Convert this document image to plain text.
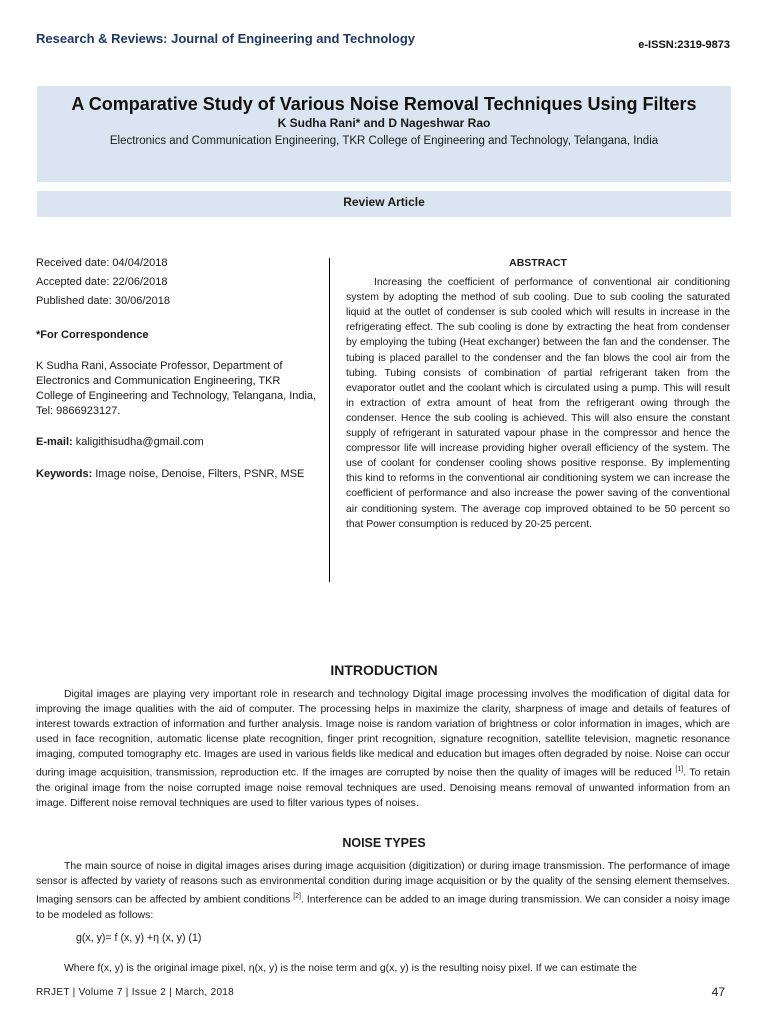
Research & Reviews: Journal of Engineering and Technology	e-ISSN:2319-9873
A Comparative Study of Various Noise Removal Techniques Using Filters
K Sudha Rani* and D Nageshwar Rao
Electronics and Communication Engineering, TKR College of Engineering and Technology, Telangana, India
Review Article

Received date: 04/04/2018

Accepted date: 22/06/2018

Published date: 30/06/2018

*For Correspondence

K Sudha Rani, Associate Professor, Department of Electronics and Communication Engineering, TKR College of Engineering and Technology, Telangana, India, Tel: 9866923127.

E-mail: kaligithisudha@gmail.com

Keywords: Image noise, Denoise, Filters, PSNR, MSE

ABSTRACT

Increasing the coefficient of performance of conventional air conditioning system by adopting the method of sub cooling. Due to sub cooling the saturated liquid at the outlet of condenser is sub cooled which will results in increase in the refrigerating effect. The sub cooling is done by extracting the heat from condenser by employing the tubing (Heat exchanger) between the fan and the condenser. The tubing is placed parallel to the condenser and the fan blows the cool air from the tubing. Tubing consists of combination of partial refrigerant taken from the evaporator outlet and the coolant which is circulated using a pump. This will result in extraction of extra amount of heat from the refrigerant owing through the condenser. Hence the sub cooling is achieved. This will also ensure the constant supply of refrigerant in saturated vapour phase in the compressor and hence the compressor life will increase providing higher overall efficiency of the system. The use of coolant for condenser cooling shows positive response. By implementing this kind to reforms in the conventional air conditioning system we can increase the coefficient of performance and also increase the power saving of the conventional air conditioning system. The average cop improved obtained to be 50 percent so that Power consumption is reduced by 20-25 percent.

INTRODUCTION

Digital images are playing very important role in research and technology Digital image processing involves the modification of digital data for improving the image qualities with the aid of computer. The processing helps in maximize the clarity, sharpness of image and details of features of interest towards extraction of information and further analysis. Image noise is random variation of brightness or color information in images, which are used in face recognition, automatic license plate recognition, finger print recognition, signature recognition, satellite television, magnetic resonance imaging, computed tomography etc. Images are used in various fields like medical and education but images often degraded by noise. Noise can occur during image acquisition, transmission, reproduction etc. If the images are corrupted by noise then the quality of images will be reduced [1]. To retain the original image from the noise corrupted image noise removal techniques are used. Denoising means removal of unwanted information from an image. Different noise removal techniques are used to filter various types of noises.

NOISE TYPES

The main source of noise in digital images arises during image acquisition (digitization) or during image transmission. The performance of image sensor is affected by variety of reasons such as environmental condition during image acquisition or by the quality of the sensing element themselves. Imaging sensors can be affected by ambient conditions [2]. Interference can be added to an image during transmission. We can consider a noisy image to be modeled as follows:

g(x, y)= f (x, y) +η (x, y) (1)

Where f(x, y) is the original image pixel, η(x, y) is the noise term and g(x, y) is the resulting noisy pixel. If we can estimate the

RRJET | Volume 7 | Issue 2 | March, 2018	47
